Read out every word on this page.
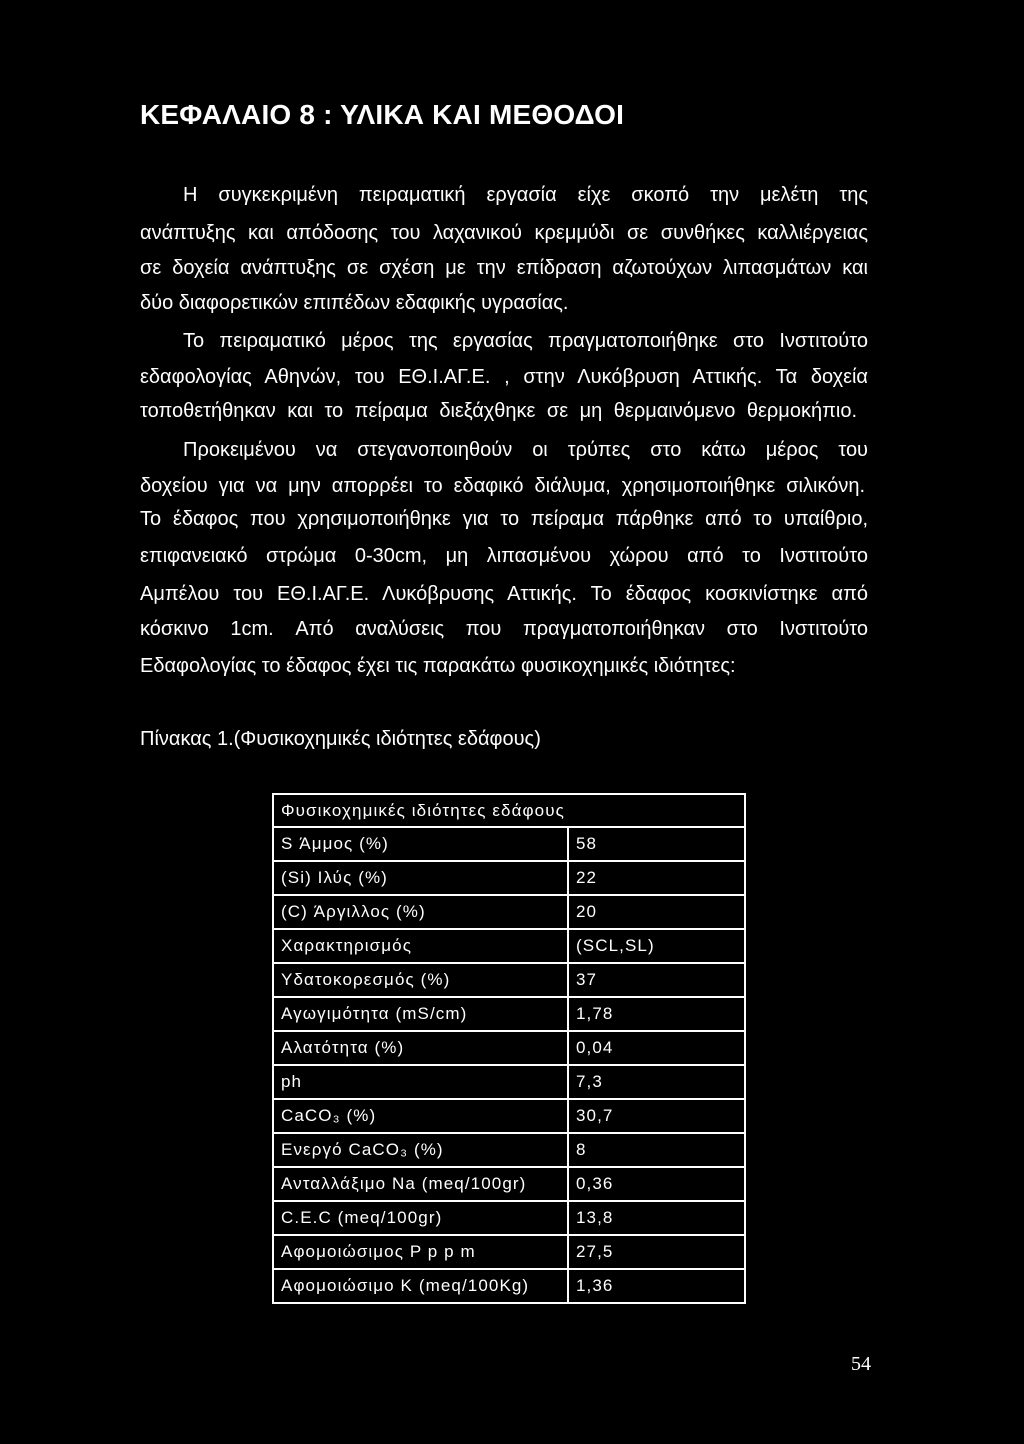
ΚΕΦΑΛΑΙΟ 8 : ΥΛΙΚΑ ΚΑΙ ΜΕΘΟΔΟΙ
Η συγκεκριμένη πειραματική εργασία είχε σκοπό την μελέτη της
ανάπτυξης και απόδοσης του λαχανικού κρεμμύδι σε συνθήκες καλλιέργειας
σε δοχεία ανάπτυξης σε σχέση με την επίδραση αζωτούχων λιπασμάτων και
δύο διαφορετικών επιπέδων εδαφικής υγρασίας.
Το πειραματικό μέρος της εργασίας πραγματοποιήθηκε στο Ινστιτούτο
εδαφολογίας Αθηνών, του ΕΘ.Ι.ΑΓ.Ε. , στην Λυκόβρυση Αττικής. Τα δοχεία
τοποθετήθηκαν και το πείραμα διεξάχθηκε σε μη θερμαινόμενο θερμοκήπιο.
Προκειμένου να στεγανοποιηθούν οι τρύπες στο κάτω μέρος του
δοχείου για να μην απορρέει το εδαφικό διάλυμα, χρησιμοποιήθηκε σιλικόνη.
Το έδαφος που χρησιμοποιήθηκε για το πείραμα πάρθηκε από το υπαίθριο,
επιφανειακό στρώμα 0-30cm, μη λιπασμένου χώρου από το Ινστιτούτο
Αμπέλου του ΕΘ.Ι.ΑΓ.Ε. Λυκόβρυσης Αττικής. Το έδαφος κοσκινίστηκε από
κόσκινο 1cm. Από αναλύσεις που πραγματοποιήθηκαν στο Ινστιτούτο
Εδαφολογίας το έδαφος έχει τις παρακάτω φυσικοχημικές ιδιότητες:
Πίνακας 1.(Φυσικοχημικές ιδιότητες εδάφους)
Φυσικοχημικές ιδιότητες εδάφους	
S Άμμος (%)	58
(Si) Ιλύς (%)	22
(C) Άργιλλος (%)	20
Χαρακτηρισμός	(SCL,SL)
Υδατοκορεσμός (%)	37
Αγωγιμότητα (mS/cm)	1,78
Αλατότητα (%)	0,04
ph	7,3
CaCO₃ (%)	30,7
Ενεργό CaCO₃ (%)	8
Ανταλλάξιμο Na (meq/100gr)	0,36
C.E.C (meq/100gr)	13,8
Αφομοιώσιμος P p p m	27,5
Αφομοιώσιμο K (meq/100Kg)	1,36
54
